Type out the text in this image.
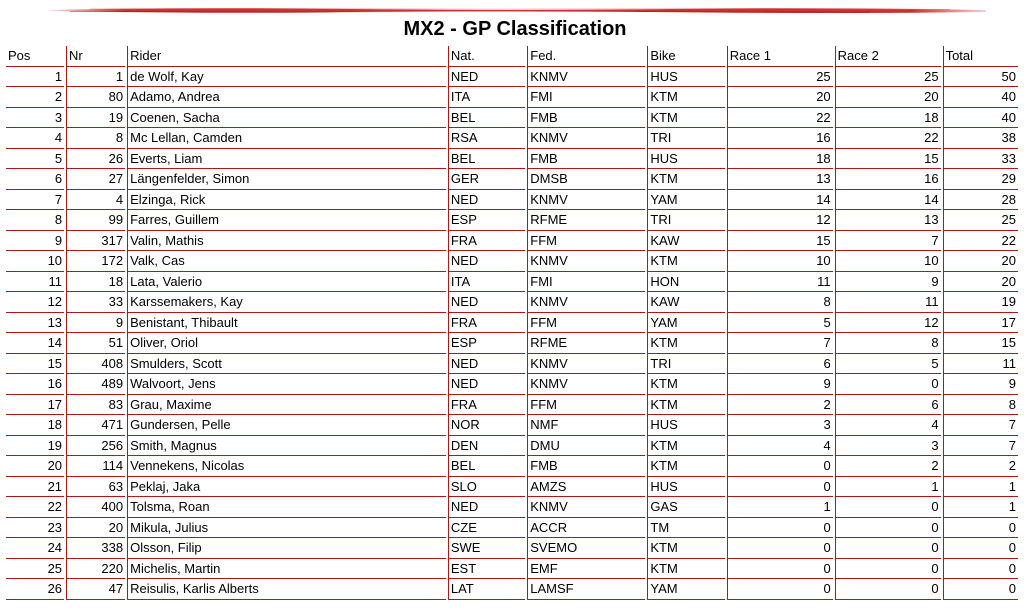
MX2 - GP Classification
Pos	Nr	Rider	Nat.	Fed.	Bike	Race 1	Race 2	Total
1	1	de Wolf, Kay	NED	KNMV	HUS	25	25	50
2	80	Adamo, Andrea	ITA	FMI	KTM	20	20	40
3	19	Coenen, Sacha	BEL	FMB	KTM	22	18	40
4	8	Mc Lellan, Camden	RSA	KNMV	TRI	16	22	38
5	26	Everts, Liam	BEL	FMB	HUS	18	15	33
6	27	Längenfelder, Simon	GER	DMSB	KTM	13	16	29
7	4	Elzinga, Rick	NED	KNMV	YAM	14	14	28
8	99	Farres, Guillem	ESP	RFME	TRI	12	13	25
9	317	Valin, Mathis	FRA	FFM	KAW	15	7	22
10	172	Valk, Cas	NED	KNMV	KTM	10	10	20
11	18	Lata, Valerio	ITA	FMI	HON	11	9	20
12	33	Karssemakers, Kay	NED	KNMV	KAW	8	11	19
13	9	Benistant, Thibault	FRA	FFM	YAM	5	12	17
14	51	Oliver, Oriol	ESP	RFME	KTM	7	8	15
15	408	Smulders, Scott	NED	KNMV	TRI	6	5	11
16	489	Walvoort, Jens	NED	KNMV	KTM	9	0	9
17	83	Grau, Maxime	FRA	FFM	KTM	2	6	8
18	471	Gundersen, Pelle	NOR	NMF	HUS	3	4	7
19	256	Smith, Magnus	DEN	DMU	KTM	4	3	7
20	114	Vennekens, Nicolas	BEL	FMB	KTM	0	2	2
21	63	Peklaj, Jaka	SLO	AMZS	HUS	0	1	1
22	400	Tolsma, Roan	NED	KNMV	GAS	1	0	1
23	20	Mikula, Julius	CZE	ACCR	TM	0	0	0
24	338	Olsson, Filip	SWE	SVEMO	KTM	0	0	0
25	220	Michelis, Martin	EST	EMF	KTM	0	0	0
26	47	Reisulis, Karlis Alberts	LAT	LAMSF	YAM	0	0	0
